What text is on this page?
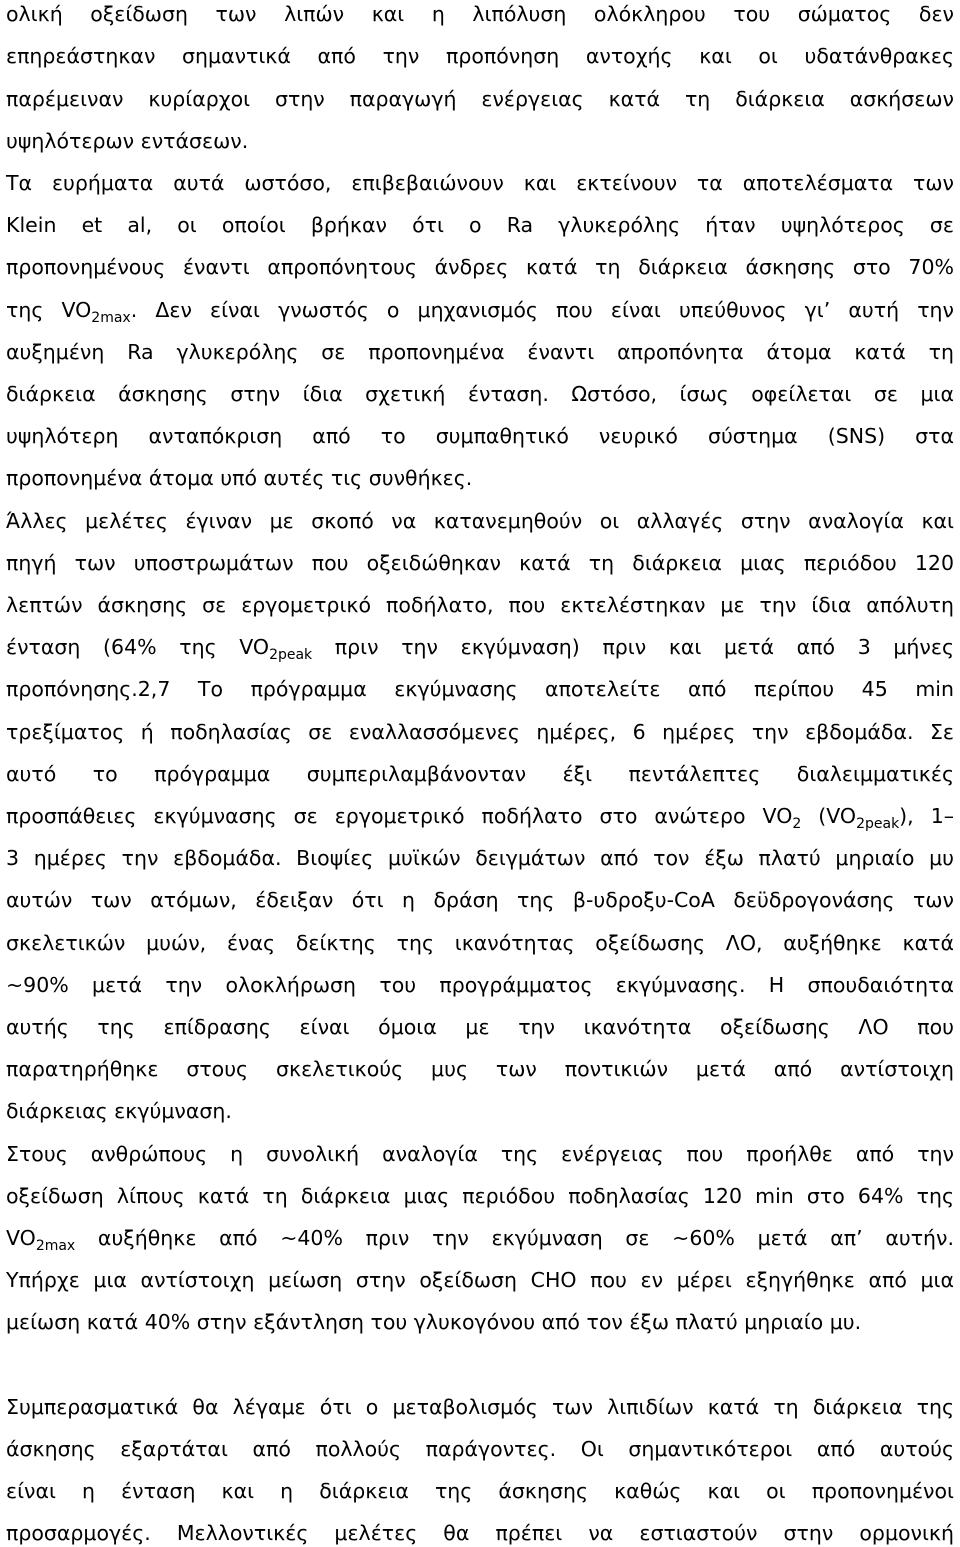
ολική οξείδωση των λιπών και η λιπόλυση ολόκληρου του σώματος δεν
επηρεάστηκαν σημαντικά από την προπόνηση αντοχής και οι υδατάνθρακες
παρέμειναν κυρίαρχοι στην παραγωγή ενέργειας κατά τη διάρκεια ασκήσεων
υψηλότερων εντάσεων.
Τα ευρήματα αυτά ωστόσο, επιβεβαιώνουν και εκτείνουν τα αποτελέσματα των
Klein et al, οι οποίοι βρήκαν ότι ο Ra γλυκερόλης ήταν υψηλότερος σε
προπονημένους έναντι απροπόνητους άνδρες κατά τη διάρκεια άσκησης στο 70%
της $VO_{2max}$. Δεν είναι γνωστός ο μηχανισμός που είναι υπεύθυνος γι’ αυτή την
αυξημένη Ra γλυκερόλης σε προπονημένα έναντι απροπόνητα άτομα κατά τη
διάρκεια άσκησης στην ίδια σχετική ένταση. Ωστόσο, ίσως οφείλεται σε μια
υψηλότερη ανταπόκριση από το συμπαθητικό νευρικό σύστημα (SNS) στα
προπονημένα άτομα υπό αυτές τις συνθήκες.
Άλλες μελέτες έγιναν με σκοπό να κατανεμηθούν οι αλλαγές στην αναλογία και
πηγή των υποστρωμάτων που οξειδώθηκαν κατά τη διάρκεια μιας περιόδου 120
λεπτών άσκησης σε εργομετρικό ποδήλατο, που εκτελέστηκαν με την ίδια απόλυτη
ένταση (64% της $VO_{2peak}$ πριν την εκγύμναση) πριν και μετά από 3 μήνες
προπόνησης.2,7 Το πρόγραμμα εκγύμνασης αποτελείτε από περίπου 45 min
τρεξίματος ή ποδηλασίας σε εναλλασσόμενες ημέρες, 6 ημέρες την εβδομάδα. Σε
αυτό το πρόγραμμα συμπεριλαμβάνονταν έξι πεντάλεπτες διαλειμματικές
προσπάθειες εκγύμνασης σε εργομετρικό ποδήλατο στο ανώτερο $VO_2$ $(VO_{2peak})$, 1–
3 ημέρες την εβδομάδα. Βιοψίες μυϊκών δειγμάτων από τον έξω πλατύ μηριαίο μυ
αυτών των ατόμων, έδειξαν ότι η δράση της β-υδροξυ-CoA δεϋδρογονάσης των
σκελετικών μυών, ένας δείκτης της ικανότητας οξείδωσης ΛΟ, αυξήθηκε κατά
~90% μετά την ολοκλήρωση του προγράμματος εκγύμνασης. Η σπουδαιότητα
αυτής της επίδρασης είναι όμοια με την ικανότητα οξείδωσης ΛΟ που
παρατηρήθηκε στους σκελετικούς μυς των ποντικιών μετά από αντίστοιχη
διάρκειας εκγύμναση.
Στους ανθρώπους η συνολική αναλογία της ενέργειας που προήλθε από την
οξείδωση λίπους κατά τη διάρκεια μιας περιόδου ποδηλασίας 120 min στο 64% της
$VO_{2max}$ αυξήθηκε από ~40% πριν την εκγύμναση σε ~60% μετά απ’ αυτήν.
Υπήρχε μια αντίστοιχη μείωση στην οξείδωση CHO που εν μέρει εξηγήθηκε από μια
μείωση κατά 40% στην εξάντληση του γλυκογόνου από τον έξω πλατύ μηριαίο μυ.
Συμπερασματικά θα λέγαμε ότι ο μεταβολισμός των λιπιδίων κατά τη διάρκεια της
άσκησης εξαρτάται από πολλούς παράγοντες. Οι σημαντικότεροι από αυτούς
είναι η ένταση και η διάρκεια της άσκησης καθώς και οι προπονημένοι
προσαρμογές. Μελλοντικές μελέτες θα πρέπει να εστιαστούν στην ορμονική
